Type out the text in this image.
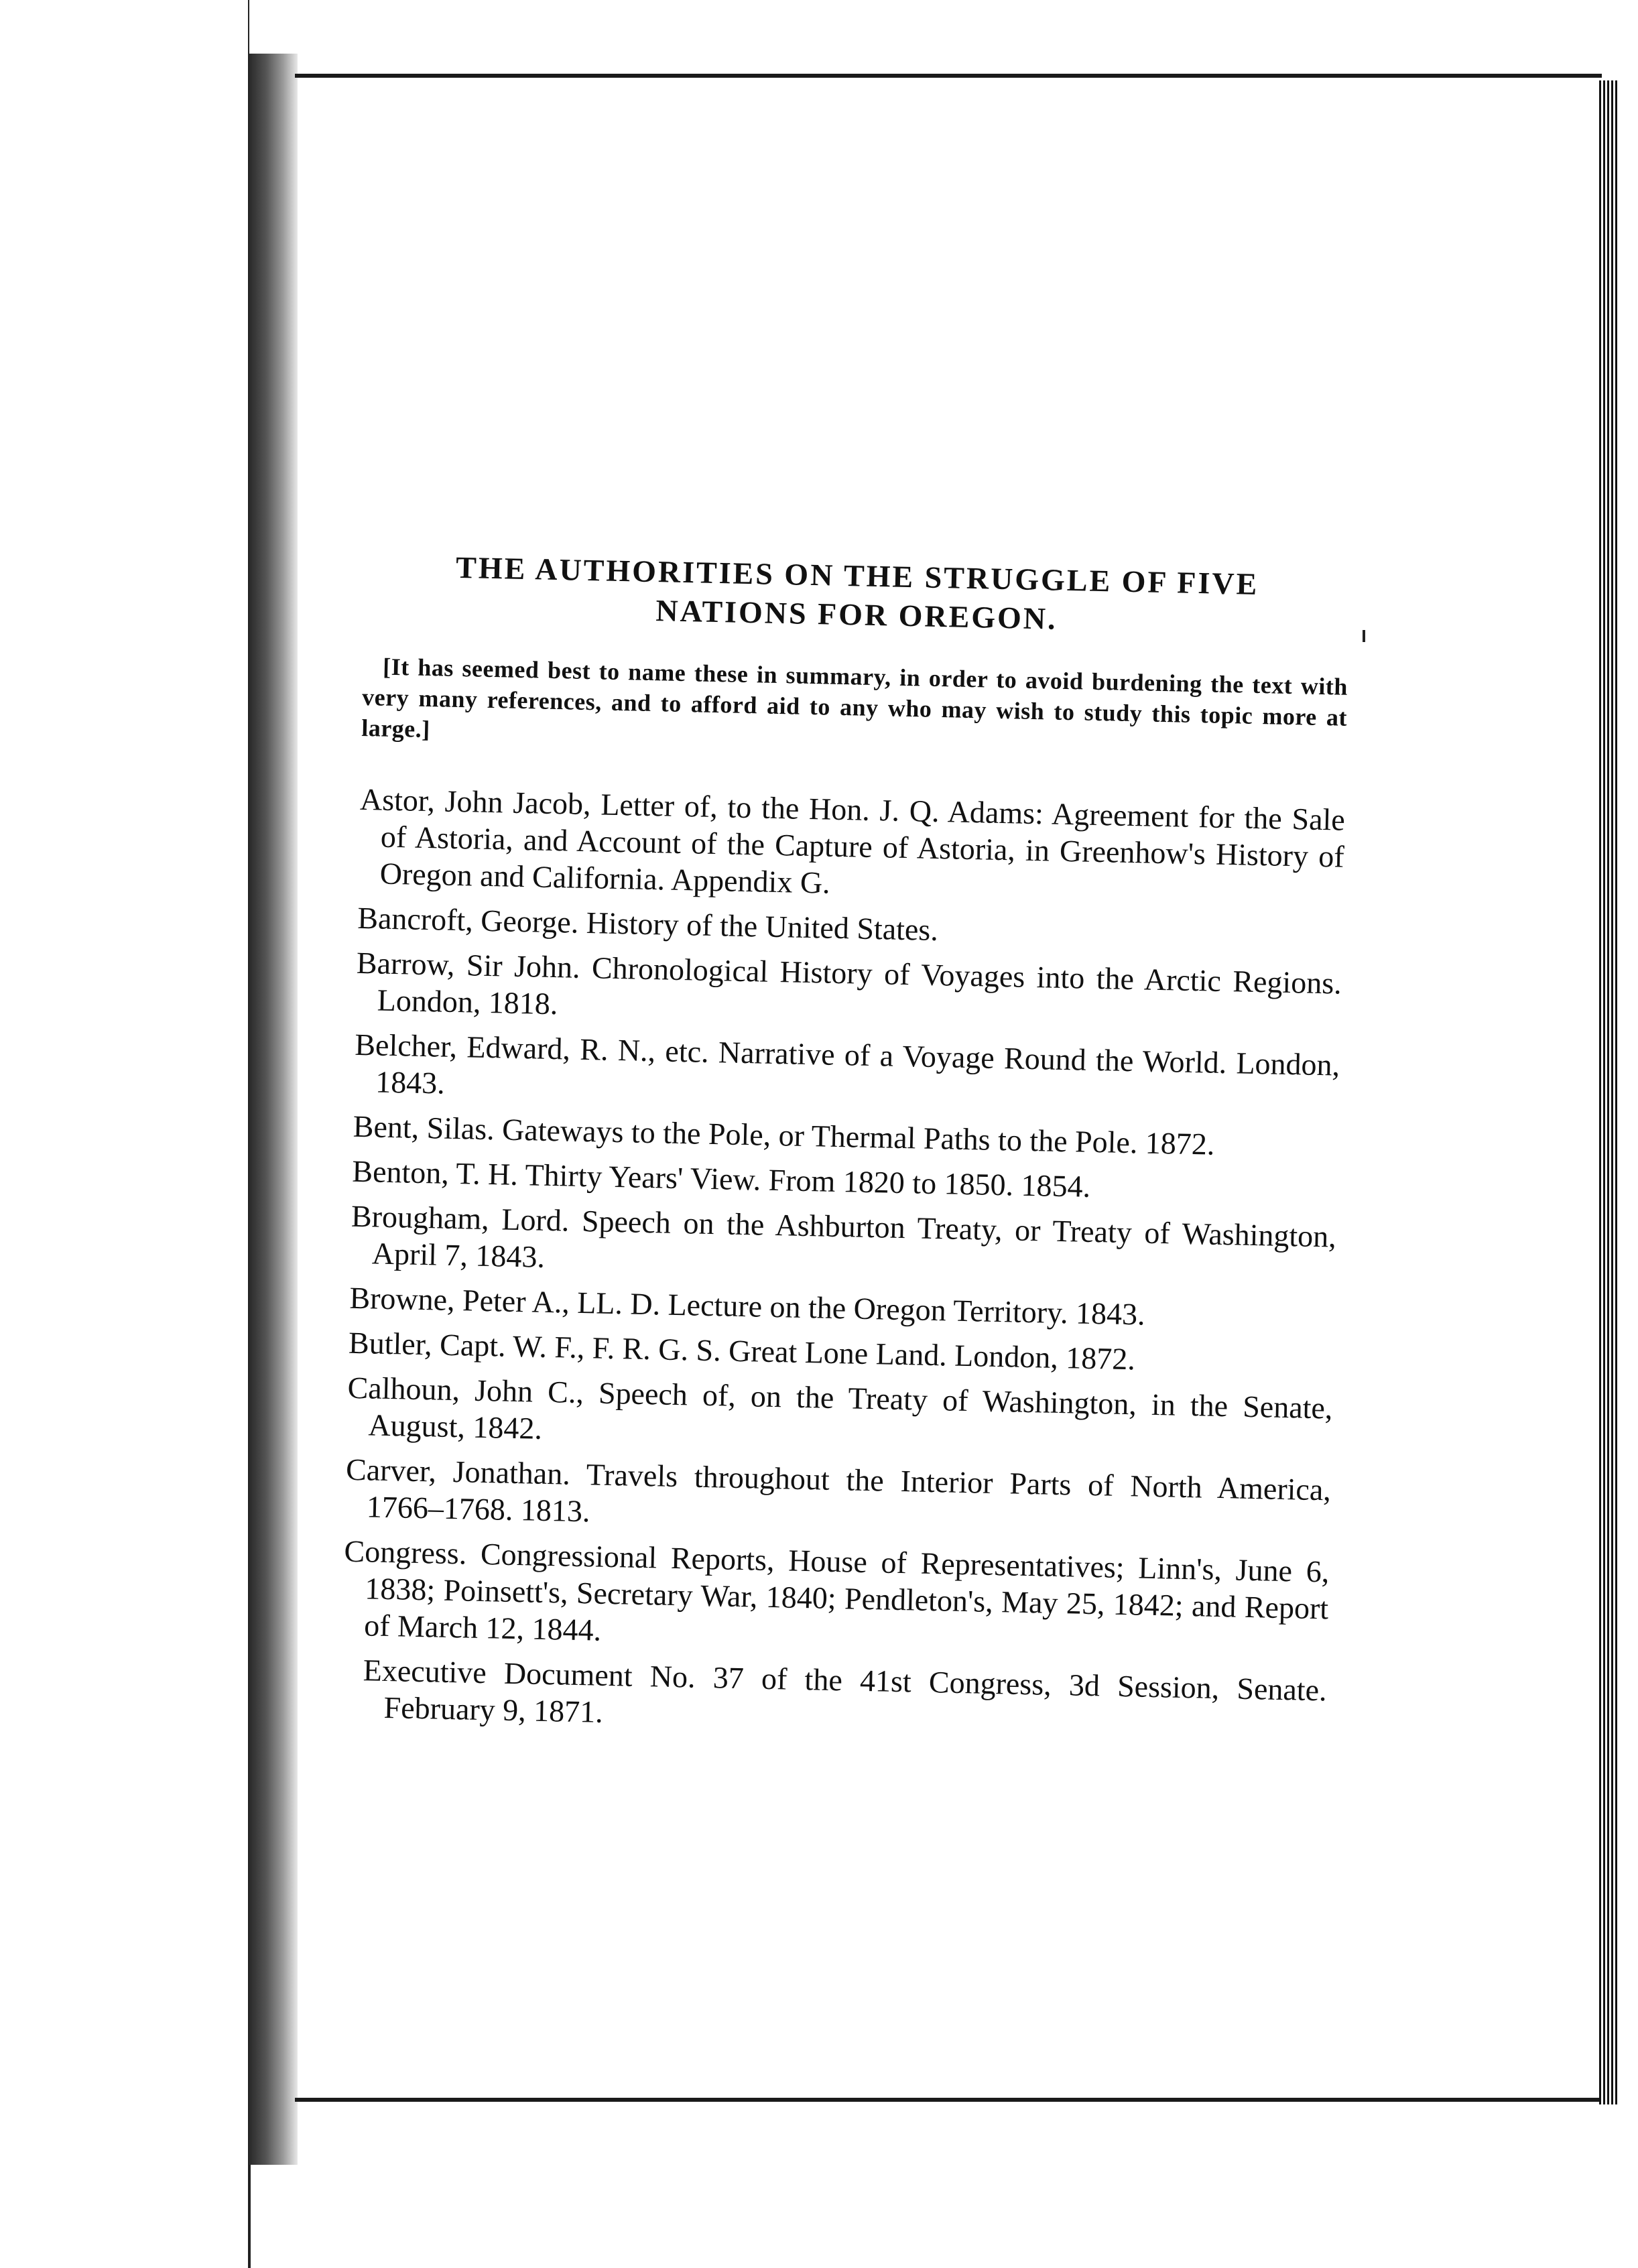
THE AUTHORITIES ON THE STRUGGLE OF FIVE
NATIONS FOR OREGON.

[It has seemed best to name these in summary, in order to avoid burdening the text with very many references, and to afford aid to any who may wish to study this topic more at large.]

Astor, John Jacob, Letter of, to the Hon. J. Q. Adams: Agreement for the Sale of Astoria, and Account of the Capture of Astoria, in Greenhow's History of Oregon and California. Appendix G.
Bancroft, George. History of the United States.
Barrow, Sir John. Chronological History of Voyages into the Arctic Regions. London, 1818.
Belcher, Edward, R. N., etc. Narrative of a Voyage Round the World. London, 1843.
Bent, Silas. Gateways to the Pole, or Thermal Paths to the Pole. 1872.
Benton, T. H. Thirty Years' View. From 1820 to 1850. 1854.
Brougham, Lord. Speech on the Ashburton Treaty, or Treaty of Washington, April 7, 1843.
Browne, Peter A., LL. D. Lecture on the Oregon Territory. 1843.
Butler, Capt. W. F., F. R. G. S. Great Lone Land. London, 1872.
Calhoun, John C., Speech of, on the Treaty of Washington, in the Senate, August, 1842.
Carver, Jonathan. Travels throughout the Interior Parts of North America, 1766–1768. 1813.
Congress. Congressional Reports, House of Representatives; Linn's, June 6, 1838; Poinsett's, Secretary War, 1840; Pendleton's, May 25, 1842; and Report of March 12, 1844.
Executive Document No. 37 of the 41st Congress, 3d Session, Senate. February 9, 1871.
